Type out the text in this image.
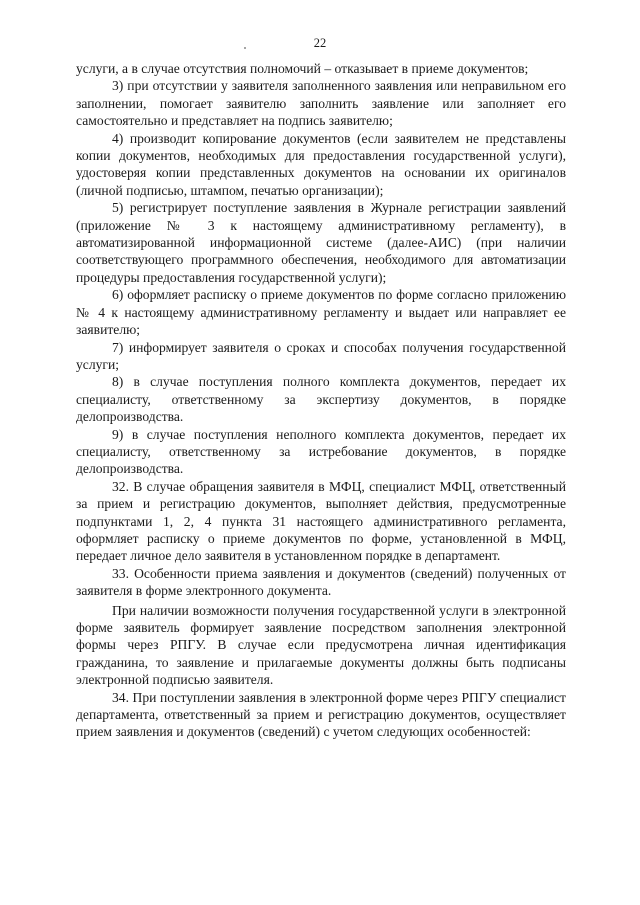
22

услуги, а в случае отсутствия полномочий – отказывает в приеме документов;

3) при отсутствии у заявителя заполненного заявления или неправильном его заполнении, помогает заявителю заполнить заявление или заполняет его самостоятельно и представляет на подпись заявителю;

4) производит копирование документов (если заявителем не представлены копии документов, необходимых для предоставления государственной услуги), удостоверяя копии представленных документов на основании их оригиналов (личной подписью, штампом, печатью организации);

5) регистрирует поступление заявления в Журнале регистрации заявлений (приложение № 3 к настоящему административному регламенту), в автоматизированной информационной системе (далее-АИС) (при наличии соответствующего программного обеспечения, необходимого для автоматизации процедуры предоставления государственной услуги);

6) оформляет расписку о приеме документов по форме согласно приложению № 4 к настоящему административному регламенту и выдает или направляет ее заявителю;

7) информирует заявителя о сроках и способах получения государственной услуги;

8) в случае поступления полного комплекта документов, передает их специалисту, ответственному за экспертизу документов, в порядке делопроизводства.

9) в случае поступления неполного комплекта документов, передает их специалисту, ответственному за истребование документов, в порядке делопроизводства.

32. В случае обращения заявителя в МФЦ, специалист МФЦ, ответственный за прием и регистрацию документов, выполняет действия, предусмотренные подпунктами 1, 2, 4 пункта 31 настоящего административного регламента, оформляет расписку о приеме документов по форме, установленной в МФЦ, передает личное дело заявителя в установленном порядке в департамент.

33. Особенности приема заявления и документов (сведений) полученных от заявителя в форме электронного документа.

При наличии возможности получения государственной услуги в электронной форме заявитель формирует заявление посредством заполнения электронной формы через РПГУ. В случае если предусмотрена личная идентификация гражданина, то заявление и прилагаемые документы должны быть подписаны электронной подписью заявителя.

34. При поступлении заявления в электронной форме через РПГУ специалист департамента, ответственный за прием и регистрацию документов, осуществляет прием заявления и документов (сведений) с учетом следующих особенностей:
